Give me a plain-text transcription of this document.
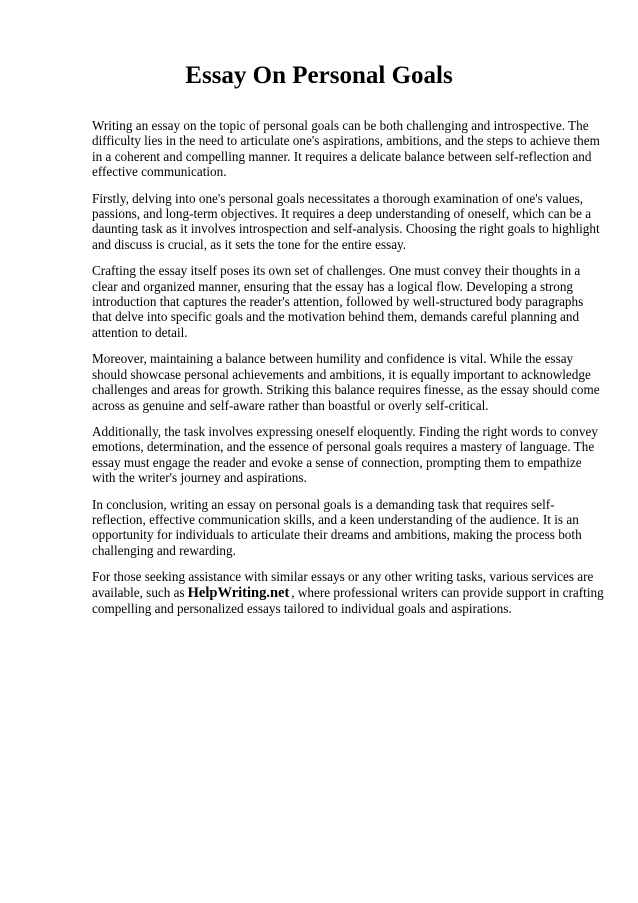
Essay On Personal Goals

Writing an essay on the topic of personal goals can be both challenging and introspective. The
difficulty lies in the need to articulate one's aspirations, ambitions, and the steps to achieve them
in a coherent and compelling manner. It requires a delicate balance between self-reflection and
effective communication.

Firstly, delving into one's personal goals necessitates a thorough examination of one's values,
passions, and long-term objectives. It requires a deep understanding of oneself, which can be a
daunting task as it involves introspection and self-analysis. Choosing the right goals to highlight
and discuss is crucial, as it sets the tone for the entire essay.

Crafting the essay itself poses its own set of challenges. One must convey their thoughts in a
clear and organized manner, ensuring that the essay has a logical flow. Developing a strong
introduction that captures the reader's attention, followed by well-structured body paragraphs
that delve into specific goals and the motivation behind them, demands careful planning and
attention to detail.

Moreover, maintaining a balance between humility and confidence is vital. While the essay
should showcase personal achievements and ambitions, it is equally important to acknowledge
challenges and areas for growth. Striking this balance requires finesse, as the essay should come
across as genuine and self-aware rather than boastful or overly self-critical.

Additionally, the task involves expressing oneself eloquently. Finding the right words to convey
emotions, determination, and the essence of personal goals requires a mastery of language. The
essay must engage the reader and evoke a sense of connection, prompting them to empathize
with the writer's journey and aspirations.

In conclusion, writing an essay on personal goals is a demanding task that requires self-
reflection, effective communication skills, and a keen understanding of the audience. It is an
opportunity for individuals to articulate their dreams and ambitions, making the process both
challenging and rewarding.

For those seeking assistance with similar essays or any other writing tasks, various services are
available, such as HelpWriting.net , where professional writers can provide support in crafting
compelling and personalized essays tailored to individual goals and aspirations.
